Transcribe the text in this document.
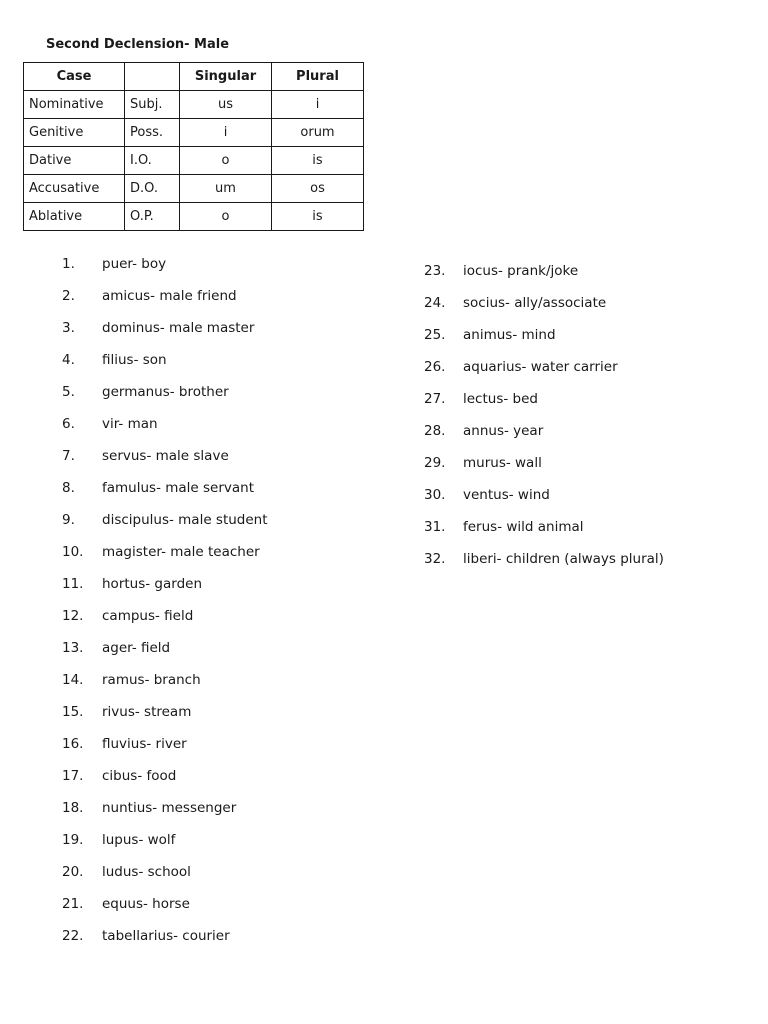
Second Declension- Male
Case		Singular	Plural
Nominative	Subj.	us	i
Genitive	Poss.	i	orum
Dative	I.O.	o	is
Accusative	D.O.	um	os
Ablative	O.P.	o	is
1. puer- boy
2. amicus- male friend
3. dominus- male master
4. filius- son
5. germanus- brother
6. vir- man
7. servus- male slave
8. famulus- male servant
9. discipulus- male student
10. magister- male teacher
11. hortus- garden
12. campus- field
13. ager- field
14. ramus- branch
15. rivus- stream
16. fluvius- river
17. cibus- food
18. nuntius- messenger
19. lupus- wolf
20. ludus- school
21. equus- horse
22. tabellarius- courier
23. iocus- prank/joke
24. socius- ally/associate
25. animus- mind
26. aquarius- water carrier
27. lectus- bed
28. annus- year
29. murus- wall
30. ventus- wind
31. ferus- wild animal
32. liberi- children (always plural)
